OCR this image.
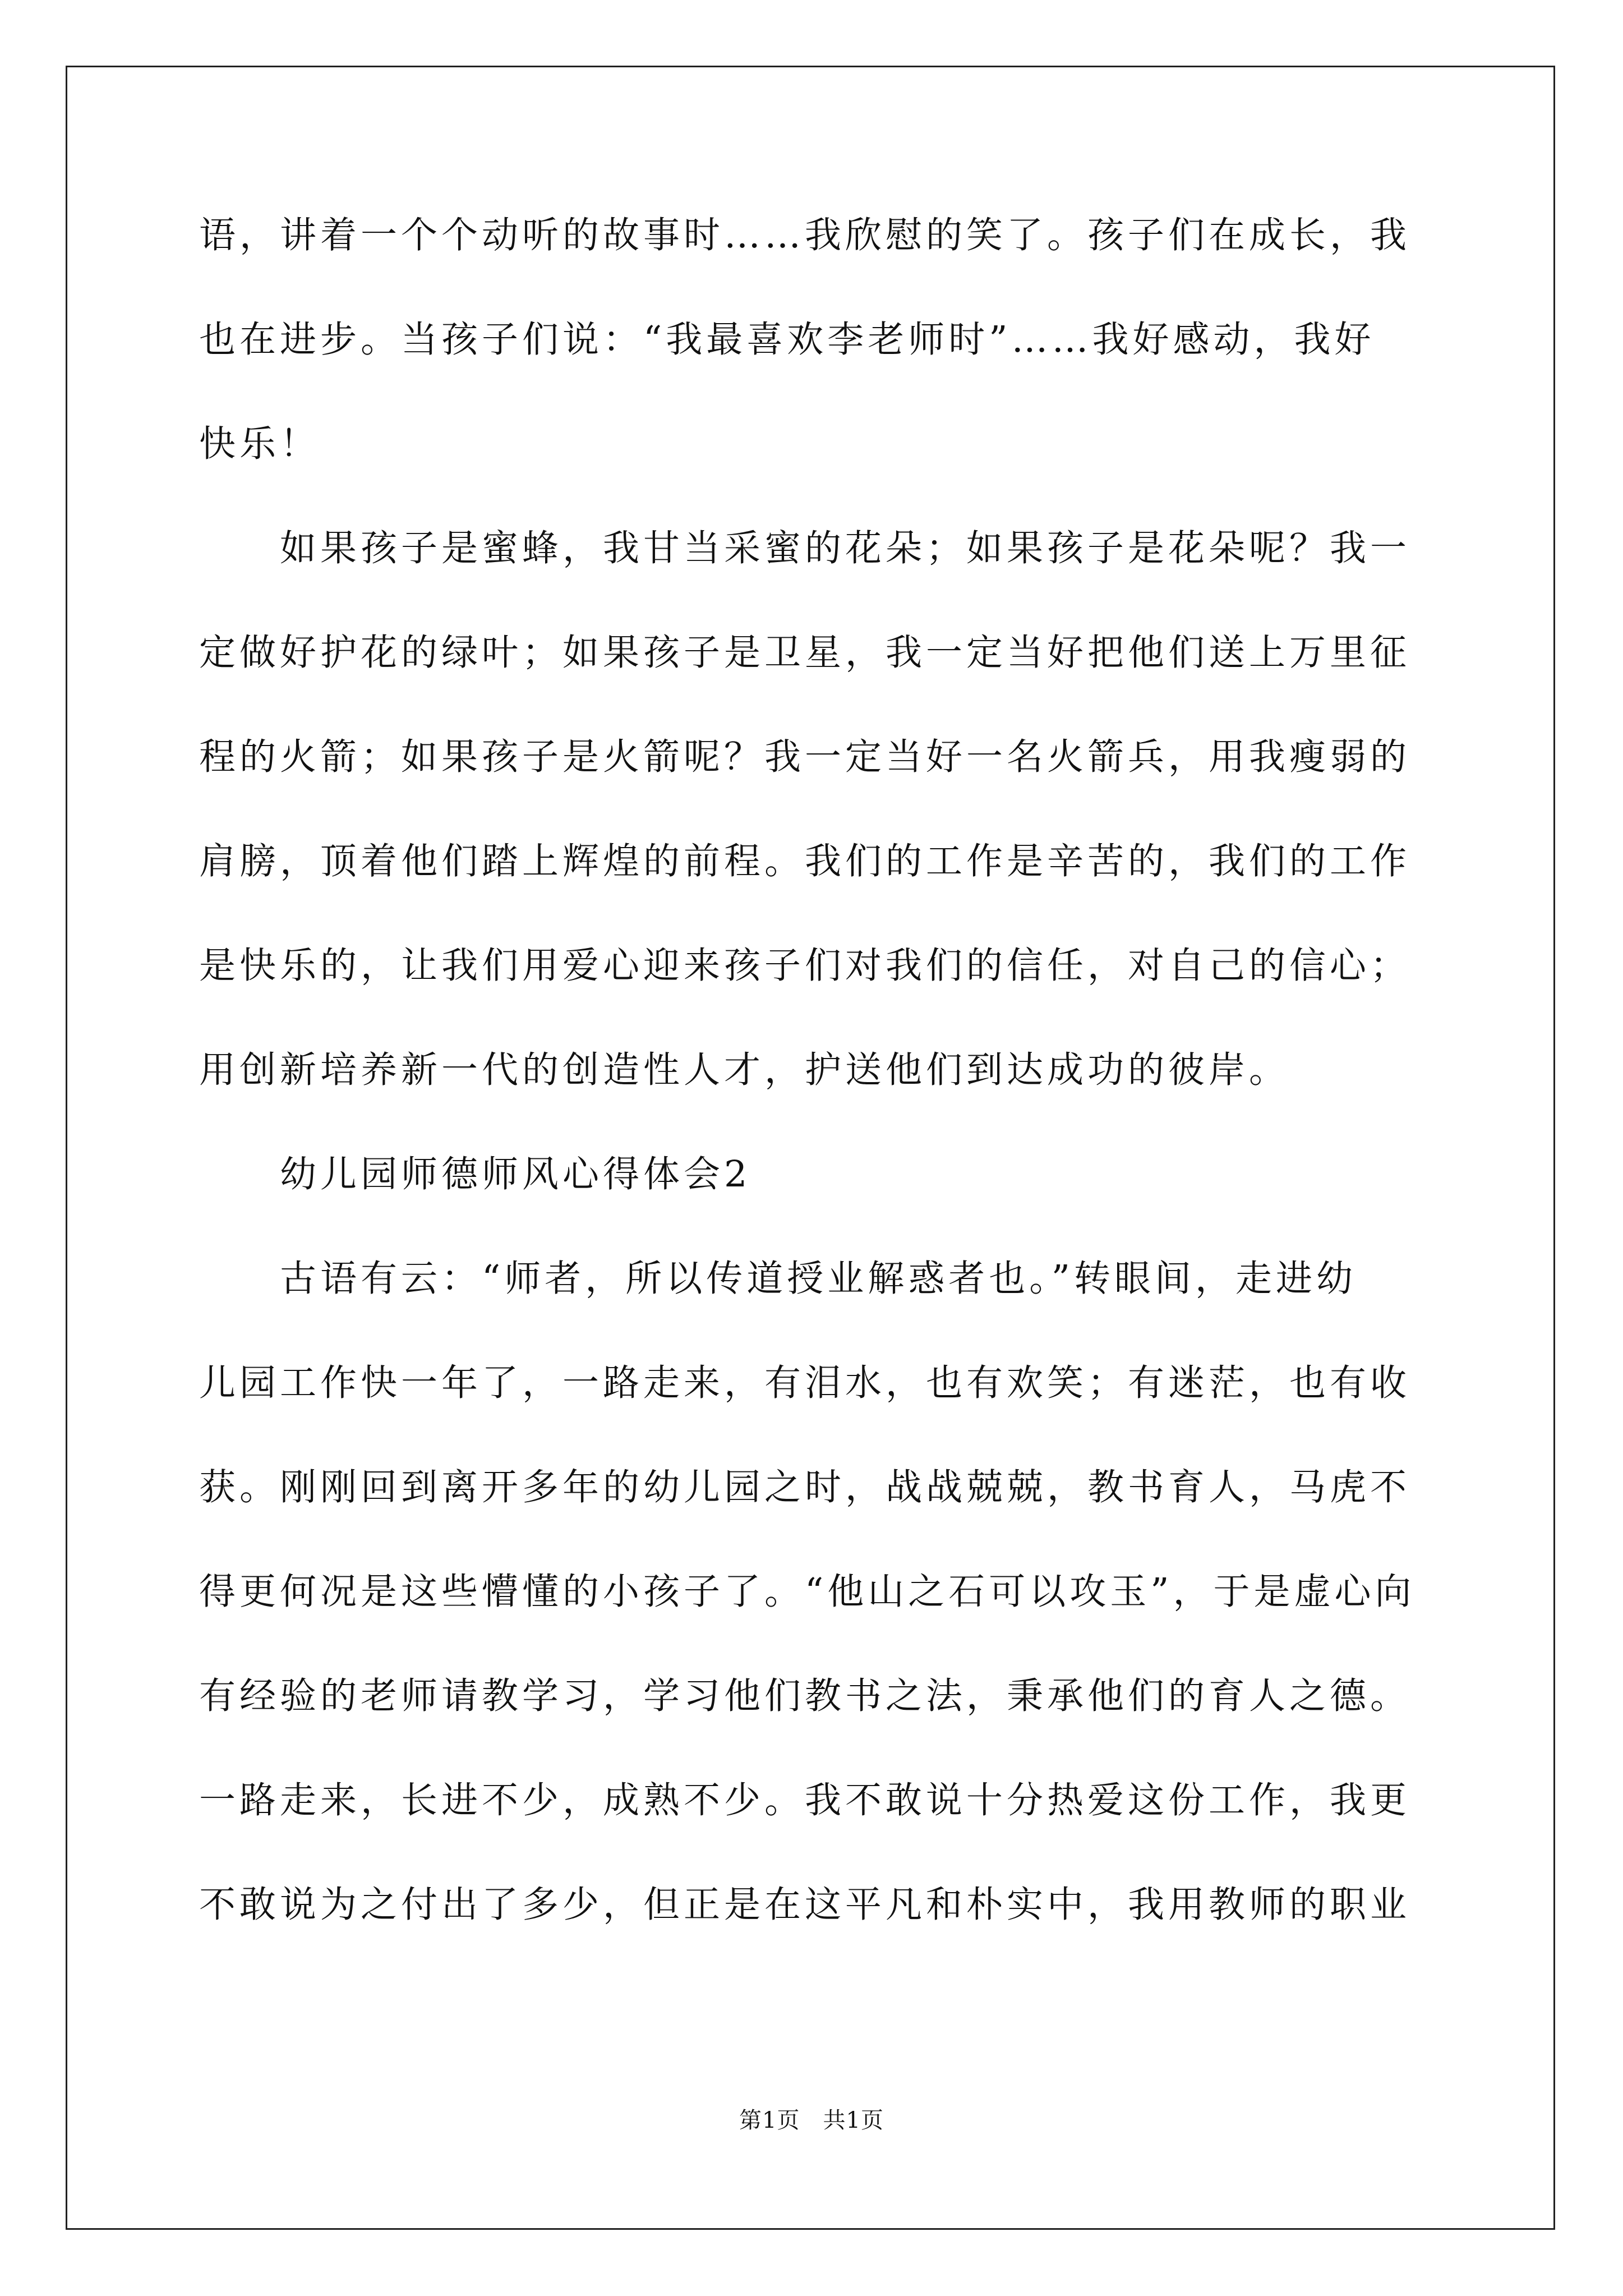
语，讲着一个个动听的故事时……我欣慰的笑了。孩子们在成长，我
也在进步。当孩子们说：“我最喜欢李老师时”……我好感动，我好
快乐！
　　如果孩子是蜜蜂，我甘当采蜜的花朵；如果孩子是花朵呢？我一
定做好护花的绿叶；如果孩子是卫星，我一定当好把他们送上万里征
程的火箭；如果孩子是火箭呢？我一定当好一名火箭兵，用我瘦弱的
肩膀，顶着他们踏上辉煌的前程。我们的工作是辛苦的，我们的工作
是快乐的，让我们用爱心迎来孩子们对我们的信任，对自己的信心；
用创新培养新一代的创造性人才，护送他们到达成功的彼岸。
　　幼儿园师德师风心得体会2
　　古语有云：“师者，所以传道授业解惑者也。”转眼间，走进幼
儿园工作快一年了，一路走来，有泪水，也有欢笑；有迷茫，也有收
获。刚刚回到离开多年的幼儿园之时，战战兢兢，教书育人，马虎不
得更何况是这些懵懂的小孩子了。“他山之石可以攻玉”，于是虚心向
有经验的老师请教学习，学习他们教书之法，秉承他们的育人之德。
一路走来，长进不少，成熟不少。我不敢说十分热爱这份工作，我更
不敢说为之付出了多少，但正是在这平凡和朴实中，我用教师的职业
第1页　共1页
